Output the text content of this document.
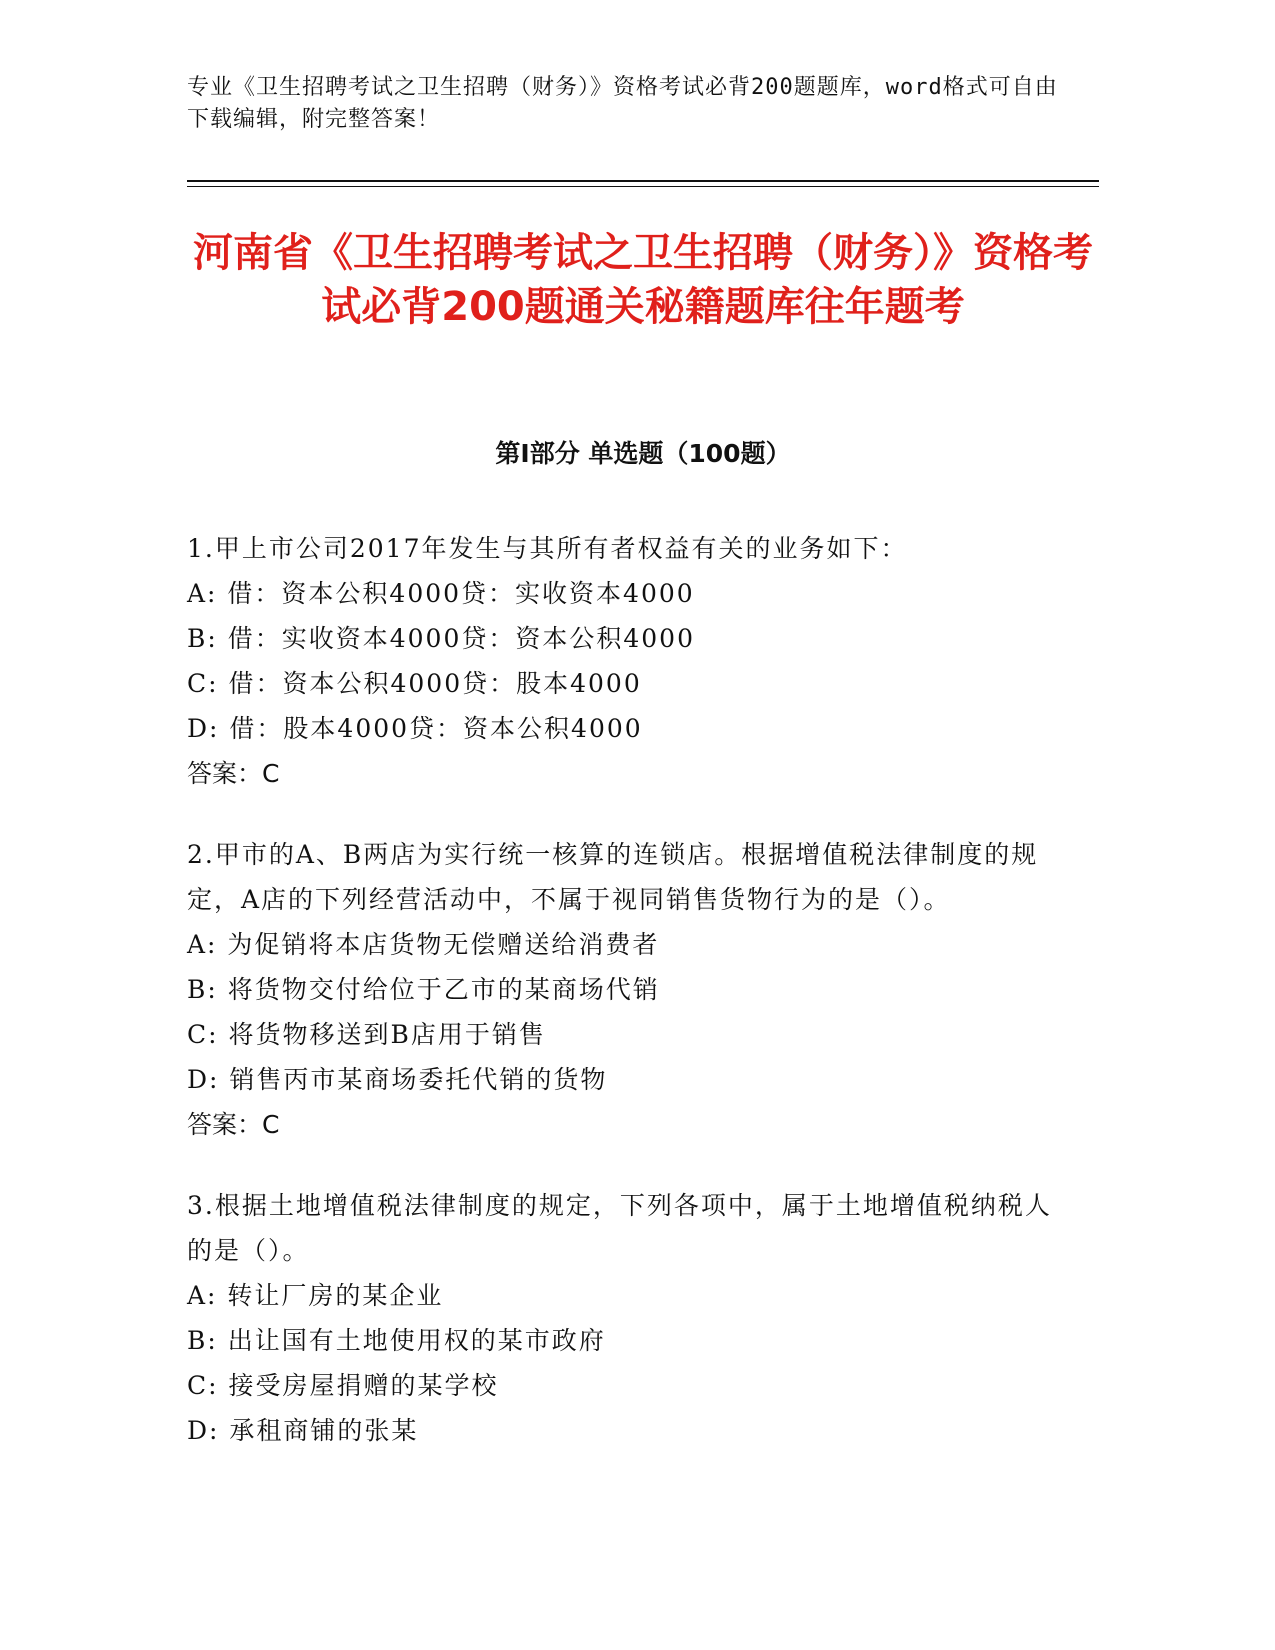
专业《卫生招聘考试之卫生招聘（财务）》资格考试必背200题题库，word格式可自由下载编辑，附完整答案！
河南省《卫生招聘考试之卫生招聘（财务）》资格考试必背200题通关秘籍题库往年题考
第Ⅰ部分 单选题（100题）
1.甲上市公司2017年发生与其所有者权益有关的业务如下：
A: 借：资本公积4000贷：实收资本4000
B: 借：实收资本4000贷：资本公积4000
C: 借：资本公积4000贷：股本4000
D: 借：股本4000贷：资本公积4000
答案：C
2.甲市的A、B两店为实行统一核算的连锁店。根据增值税法律制度的规定，A店的下列经营活动中，不属于视同销售货物行为的是（）。
A: 为促销将本店货物无偿赠送给消费者
B: 将货物交付给位于乙市的某商场代销
C: 将货物移送到B店用于销售
D: 销售丙市某商场委托代销的货物
答案：C
3.根据土地增值税法律制度的规定，下列各项中，属于土地增值税纳税人的是（）。
A: 转让厂房的某企业
B: 出让国有土地使用权的某市政府
C: 接受房屋捐赠的某学校
D: 承租商铺的张某
